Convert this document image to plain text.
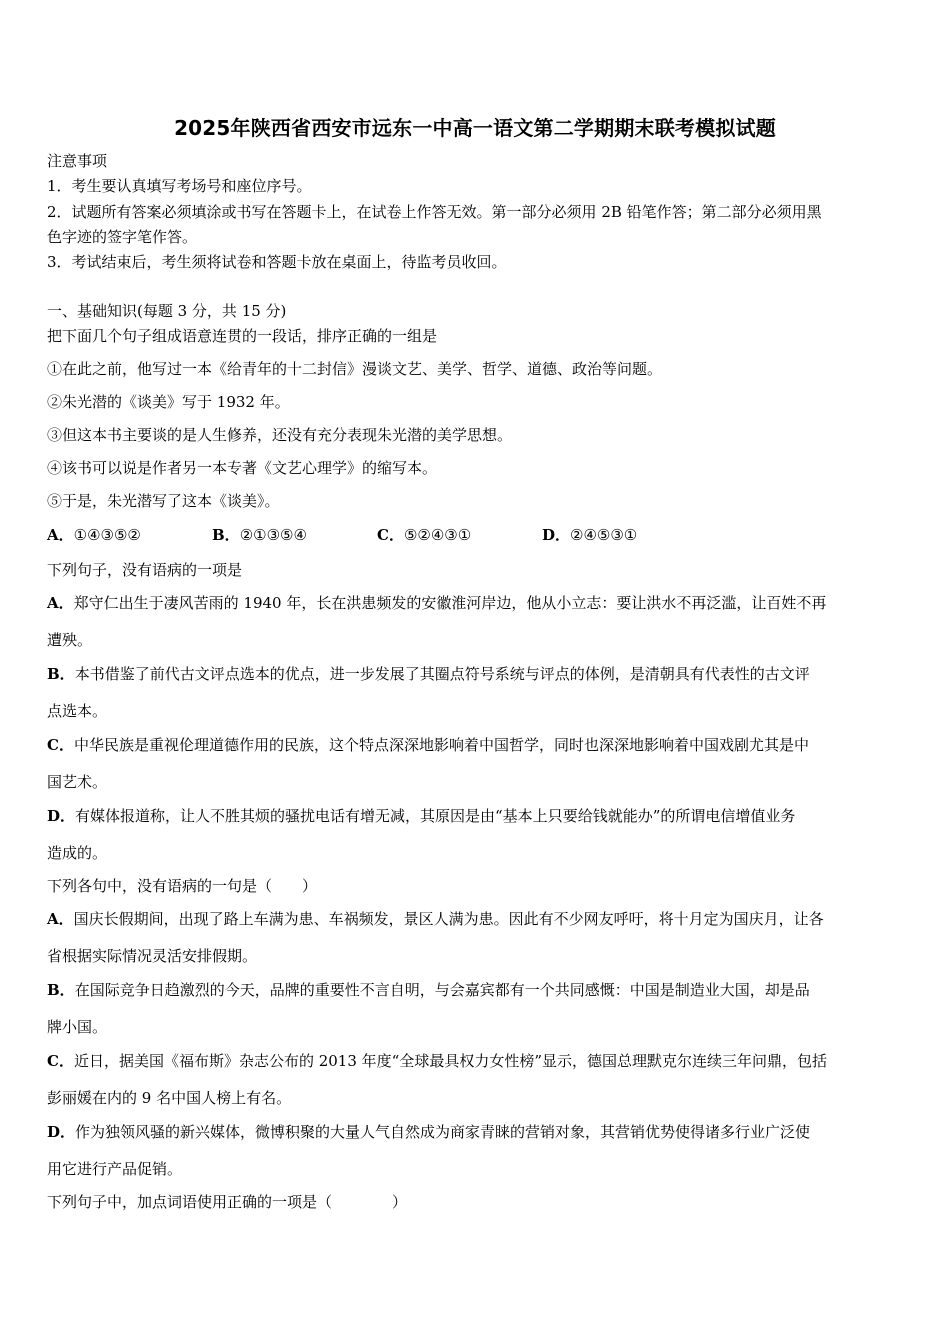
2025年陕西省西安市远东一中高一语文第二学期期末联考模拟试题
注意事项
1．考生要认真填写考场号和座位序号。
2．试题所有答案必须填涂或书写在答题卡上，在试卷上作答无效。第一部分必须用 2B 铅笔作答；第二部分必须用黑
色字迹的签字笔作答。
3．考试结束后，考生须将试卷和答题卡放在桌面上，待监考员收回。
一、基础知识(每题 3 分，共 15 分)
把下面几个句子组成语意连贯的一段话，排序正确的一组是
①在此之前，他写过一本《给青年的十二封信》漫谈文艺、美学、哲学、道德、政治等问题。
②朱光潜的《谈美》写于 1932 年。
③但这本书主要谈的是人生修养，还没有充分表现朱光潜的美学思想。
④该书可以说是作者另一本专著《文艺心理学》的缩写本。
⑤于是，朱光潜写了这本《谈美》。
A．①④③⑤②	B．②①③⑤④	C．⑤②④③①	D．②④⑤③①
下列句子，没有语病的一项是
A．郑守仁出生于凄风苦雨的 1940 年，长在洪患频发的安徽淮河岸边，他从小立志：要让洪水不再泛滥，让百姓不再
遭殃。
B．本书借鉴了前代古文评点选本的优点，进一步发展了其圈点符号系统与评点的体例，是清朝具有代表性的古文评
点选本。
C．中华民族是重视伦理道德作用的民族，这个特点深深地影响着中国哲学，同时也深深地影响着中国戏剧尤其是中
国艺术。
D．有媒体报道称，让人不胜其烦的骚扰电话有增无减，其原因是由“基本上只要给钱就能办”的所谓电信增值业务
造成的。
下列各句中，没有语病的一句是（　　）
A．国庆长假期间，出现了路上车满为患、车祸频发，景区人满为患。因此有不少网友呼吁，将十月定为国庆月，让各
省根据实际情况灵活安排假期。
B．在国际竞争日趋激烈的今天，品牌的重要性不言自明，与会嘉宾都有一个共同感慨：中国是制造业大国，却是品
牌小国。
C．近日，据美国《福布斯》杂志公布的 2013 年度“全球最具权力女性榜”显示，德国总理默克尔连续三年问鼎，包括
彭丽媛在内的 9 名中国人榜上有名。
D．作为独领风骚的新兴媒体，微博积聚的大量人气自然成为商家青睐的营销对象，其营销优势使得诸多行业广泛使
用它进行产品促销。
下列句子中，加点词语使用正确的一项是（　　　　）
